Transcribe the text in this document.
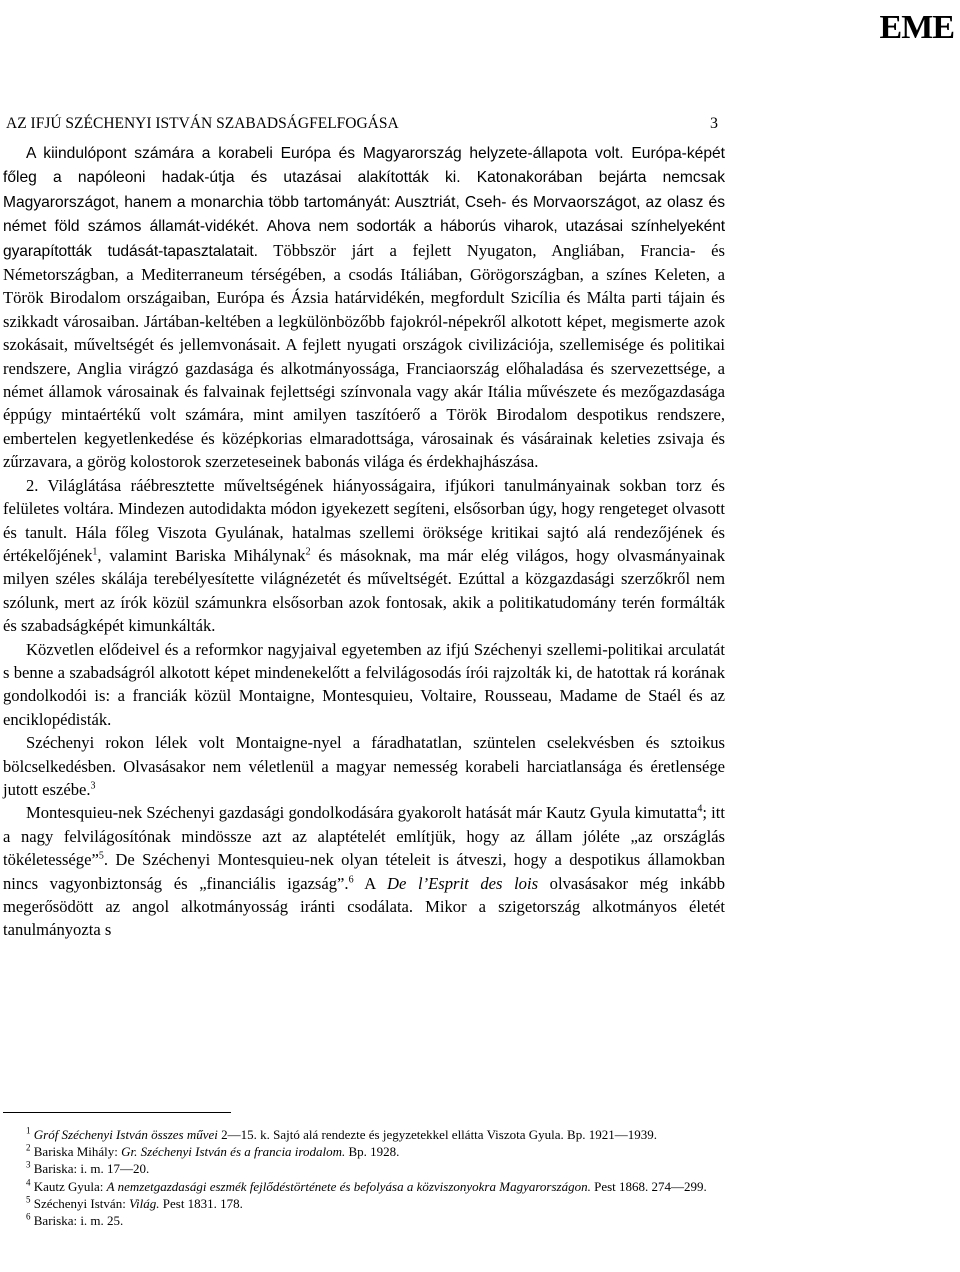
EME
AZ IFJÚ SZÉCHENYI ISTVÁN SZABADSÁGFELFOGÁSA	3

A kiindulópont számára a korabeli Európa és Magyarország helyzete-állapota volt. Európa-képét főleg a napóleoni hadak-útja és utazásai alakították ki. Katonakorában bejárta nemcsak Magyarországot, hanem a monarchia több tartományát: Ausztriát, Cseh- és Morvaországot, az olasz és német föld számos államát-vidékét. Ahova nem sodorták a háborús viharok, utazásai színhelyeként gyarapították tudását-tapasztalatait. Többször járt a fejlett Nyugaton, Angliában, Francia- és Németországban, a Mediterraneum térségében, a csodás Itáliában, Görögországban, a színes Keleten, a Török Birodalom országaiban, Európa és Ázsia határvidékén, megfordult Szicília és Málta parti tájain és szikkadt városaiban. Jártában-keltében a legkülönbözőbb fajokról-népekről alkotott képet, megismerte azok szokásait, műveltségét és jellemvonásait. A fejlett nyugati országok civilizációja, szellemisége és politikai rendszere, Anglia virágzó gazdasága és alkotmányossága, Franciaország előhaladása és szervezettsége, a német államok városainak és falvainak fejlettségi színvonala vagy akár Itália művészete és mezőgazdasága éppúgy mintaértékű volt számára, mint amilyen taszítóerő a Török Birodalom despotikus rendszere, embertelen kegyetlenkedése és középkorias elmaradottsága, városainak és vásárainak keleties zsivaja és zűrzavara, a görög kolostorok szerzeteseinek babonás világa és érdekhajhászása.

2. Világlátása ráébresztette műveltségének hiányosságaira, ifjúkori tanulmányainak sokban torz és felületes voltára. Mindezen autodidakta módon igyekezett segíteni, elsősorban úgy, hogy rengeteget olvasott és tanult. Hála főleg Viszota Gyulának, hatalmas szellemi öröksége kritikai sajtó alá rendezőjének és értékelőjének$^1$, valamint Bariska Mihálynak$^2$ és másoknak, ma már elég világos, hogy olvasmányainak milyen széles skálája terebélyesítette világnézetét és műveltségét. Ezúttal a közgazdasági szerzőkről nem szólunk, mert az írók közül számunkra elsősorban azok fontosak, akik a politikatudomány terén formálták és szabadságképét kimunkálták.

Közvetlen elődeivel és a reformkor nagyjaival egyetemben az ifjú Széchenyi szellemi-politikai arculatát s benne a szabadságról alkotott képet mindenekelőtt a felvilágosodás írói rajzolták ki, de hatottak rá korának gondolkodói is: a franciák közül Montaigne, Montesquieu, Voltaire, Rousseau, Madame de Staél és az enciklopédisták.

Széchenyi rokon lélek volt Montaigne-nyel a fáradhatatlan, szüntelen cselekvésben és sztoikus bölcselkedésben. Olvasásakor nem véletlenül a magyar nemesség korabeli harciatlansága és éretlensége jutott eszébe.$^3$

Montesquieu-nek Széchenyi gazdasági gondolkodására gyakorolt hatását már Kautz Gyula kimutatta$^4$; itt a nagy felvilágosítónak mindössze azt az alaptételét említjük, hogy az állam jóléte „az országlás tökéletessége”$^5$. De Széchenyi Montesquieu-nek olyan tételeit is átveszi, hogy a despotikus államokban nincs vagyonbiztonság és „financiális igazság”.$^6$ A De l’Esprit des lois olvasásakor még inkább megerősödött az angol alkotmányosság iránti csodálata. Mikor a szigetország alkotmányos életét tanulmányozta s

$^1$ Gróf Széchenyi István összes művei 2—15. k. Sajtó alá rendezte és jegyzetekkel ellátta Viszota Gyula. Bp. 1921—1939.

$^2$ Bariska Mihály: Gr. Széchenyi István és a francia irodalom. Bp. 1928.

$^3$ Bariska: i. m. 17—20.

$^4$ Kautz Gyula: A nemzetgazdasági eszmék fejlődéstörténete és befolyása a közviszonyokra Magyarországon. Pest 1868. 274—299.

$^5$ Széchenyi István: Világ. Pest 1831. 178.

$^6$ Bariska: i. m. 25.
